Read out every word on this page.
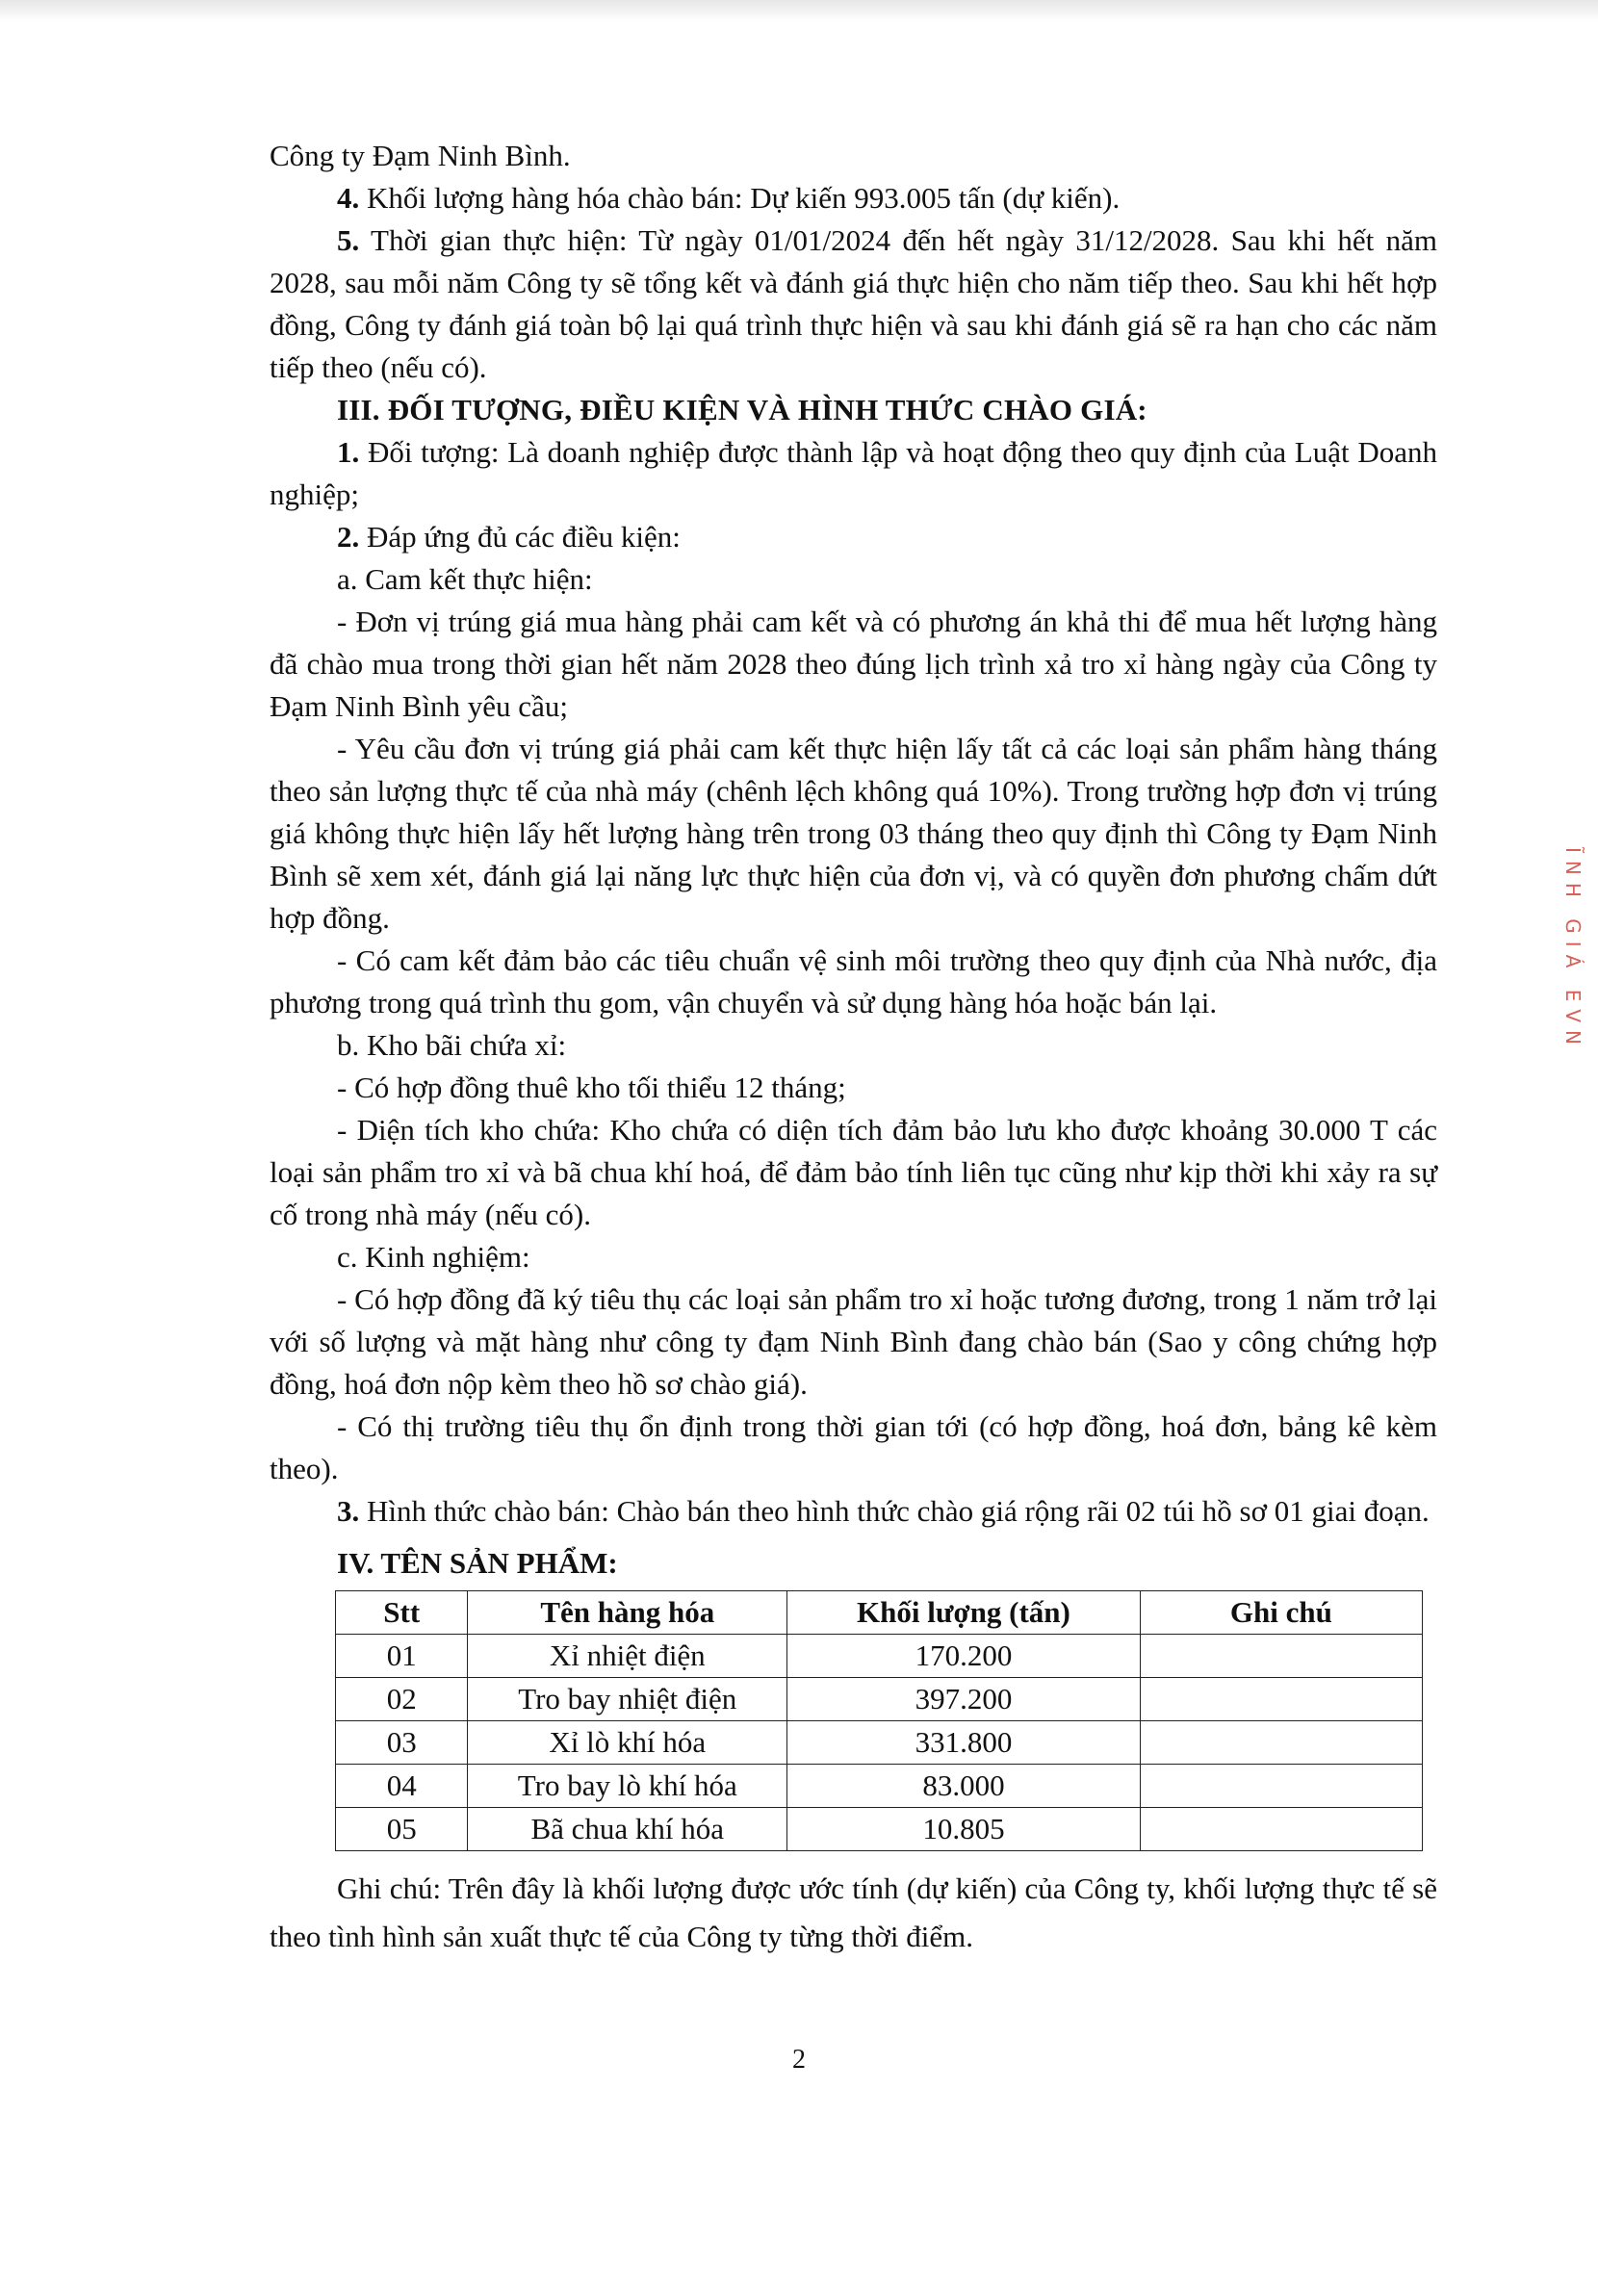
Công ty Đạm Ninh Bình.

4. Khối lượng hàng hóa chào bán: Dự kiến 993.005 tấn (dự kiến).

5. Thời gian thực hiện: Từ ngày 01/01/2024 đến hết ngày 31/12/2028. Sau khi hết năm 2028, sau mỗi năm Công ty sẽ tổng kết và đánh giá thực hiện cho năm tiếp theo. Sau khi hết hợp đồng, Công ty đánh giá toàn bộ lại quá trình thực hiện và sau khi đánh giá sẽ ra hạn cho các năm tiếp theo (nếu có).

III. ĐỐI TƯỢNG, ĐIỀU KIỆN VÀ HÌNH THỨC CHÀO GIÁ:

1. Đối tượng: Là doanh nghiệp được thành lập và hoạt động theo quy định của Luật Doanh nghiệp;

2. Đáp ứng đủ các điều kiện:

a. Cam kết thực hiện:

- Đơn vị trúng giá mua hàng phải cam kết và có phương án khả thi để mua hết lượng hàng đã chào mua trong thời gian hết năm 2028 theo đúng lịch trình xả tro xỉ hàng ngày của Công ty Đạm Ninh Bình yêu cầu;

- Yêu cầu đơn vị trúng giá phải cam kết thực hiện lấy tất cả các loại sản phẩm hàng tháng theo sản lượng thực tế của nhà máy (chênh lệch không quá 10%). Trong trường hợp đơn vị trúng giá không thực hiện lấy hết lượng hàng trên trong 03 tháng theo quy định thì Công ty Đạm Ninh Bình sẽ xem xét, đánh giá lại năng lực thực hiện của đơn vị, và có quyền đơn phương chấm dứt hợp đồng.

- Có cam kết đảm bảo các tiêu chuẩn vệ sinh môi trường theo quy định của Nhà nước, địa phương trong quá trình thu gom, vận chuyển và sử dụng hàng hóa hoặc bán lại.

b. Kho bãi chứa xỉ:

- Có hợp đồng thuê kho tối thiểu 12 tháng;

- Diện tích kho chứa: Kho chứa có diện tích đảm bảo lưu kho được khoảng 30.000 T các loại sản phẩm tro xỉ và bã chua khí hoá, để đảm bảo tính liên tục cũng như kịp thời khi xảy ra sự cố trong nhà máy (nếu có).

c. Kinh nghiệm:

- Có hợp đồng đã ký tiêu thụ các loại sản phẩm tro xỉ hoặc tương đương, trong 1 năm trở lại với số lượng và mặt hàng như công ty đạm Ninh Bình đang chào bán (Sao y công chứng hợp đồng, hoá đơn nộp kèm theo hồ sơ chào giá).

- Có thị trường tiêu thụ ổn định trong thời gian tới (có hợp đồng, hoá đơn, bảng kê kèm theo).

3. Hình thức chào bán: Chào bán theo hình thức chào giá rộng rãi 02 túi hồ sơ 01 giai đoạn.

IV. TÊN SẢN PHẨM:

Stt	Tên hàng hóa	Khối lượng (tấn)	Ghi chú
01	Xỉ nhiệt điện	170.200	
02	Tro bay nhiệt điện	397.200	
03	Xỉ lò khí hóa	331.800	
04	Tro bay lò khí hóa	83.000	
05	Bã chua khí hóa	10.805	

Ghi chú: Trên đây là khối lượng được ước tính (dự kiến) của Công ty, khối lượng thực tế sẽ theo tình hình sản xuất thực tế của Công ty từng thời điểm.

2
ĨNH GIÁ EVN
